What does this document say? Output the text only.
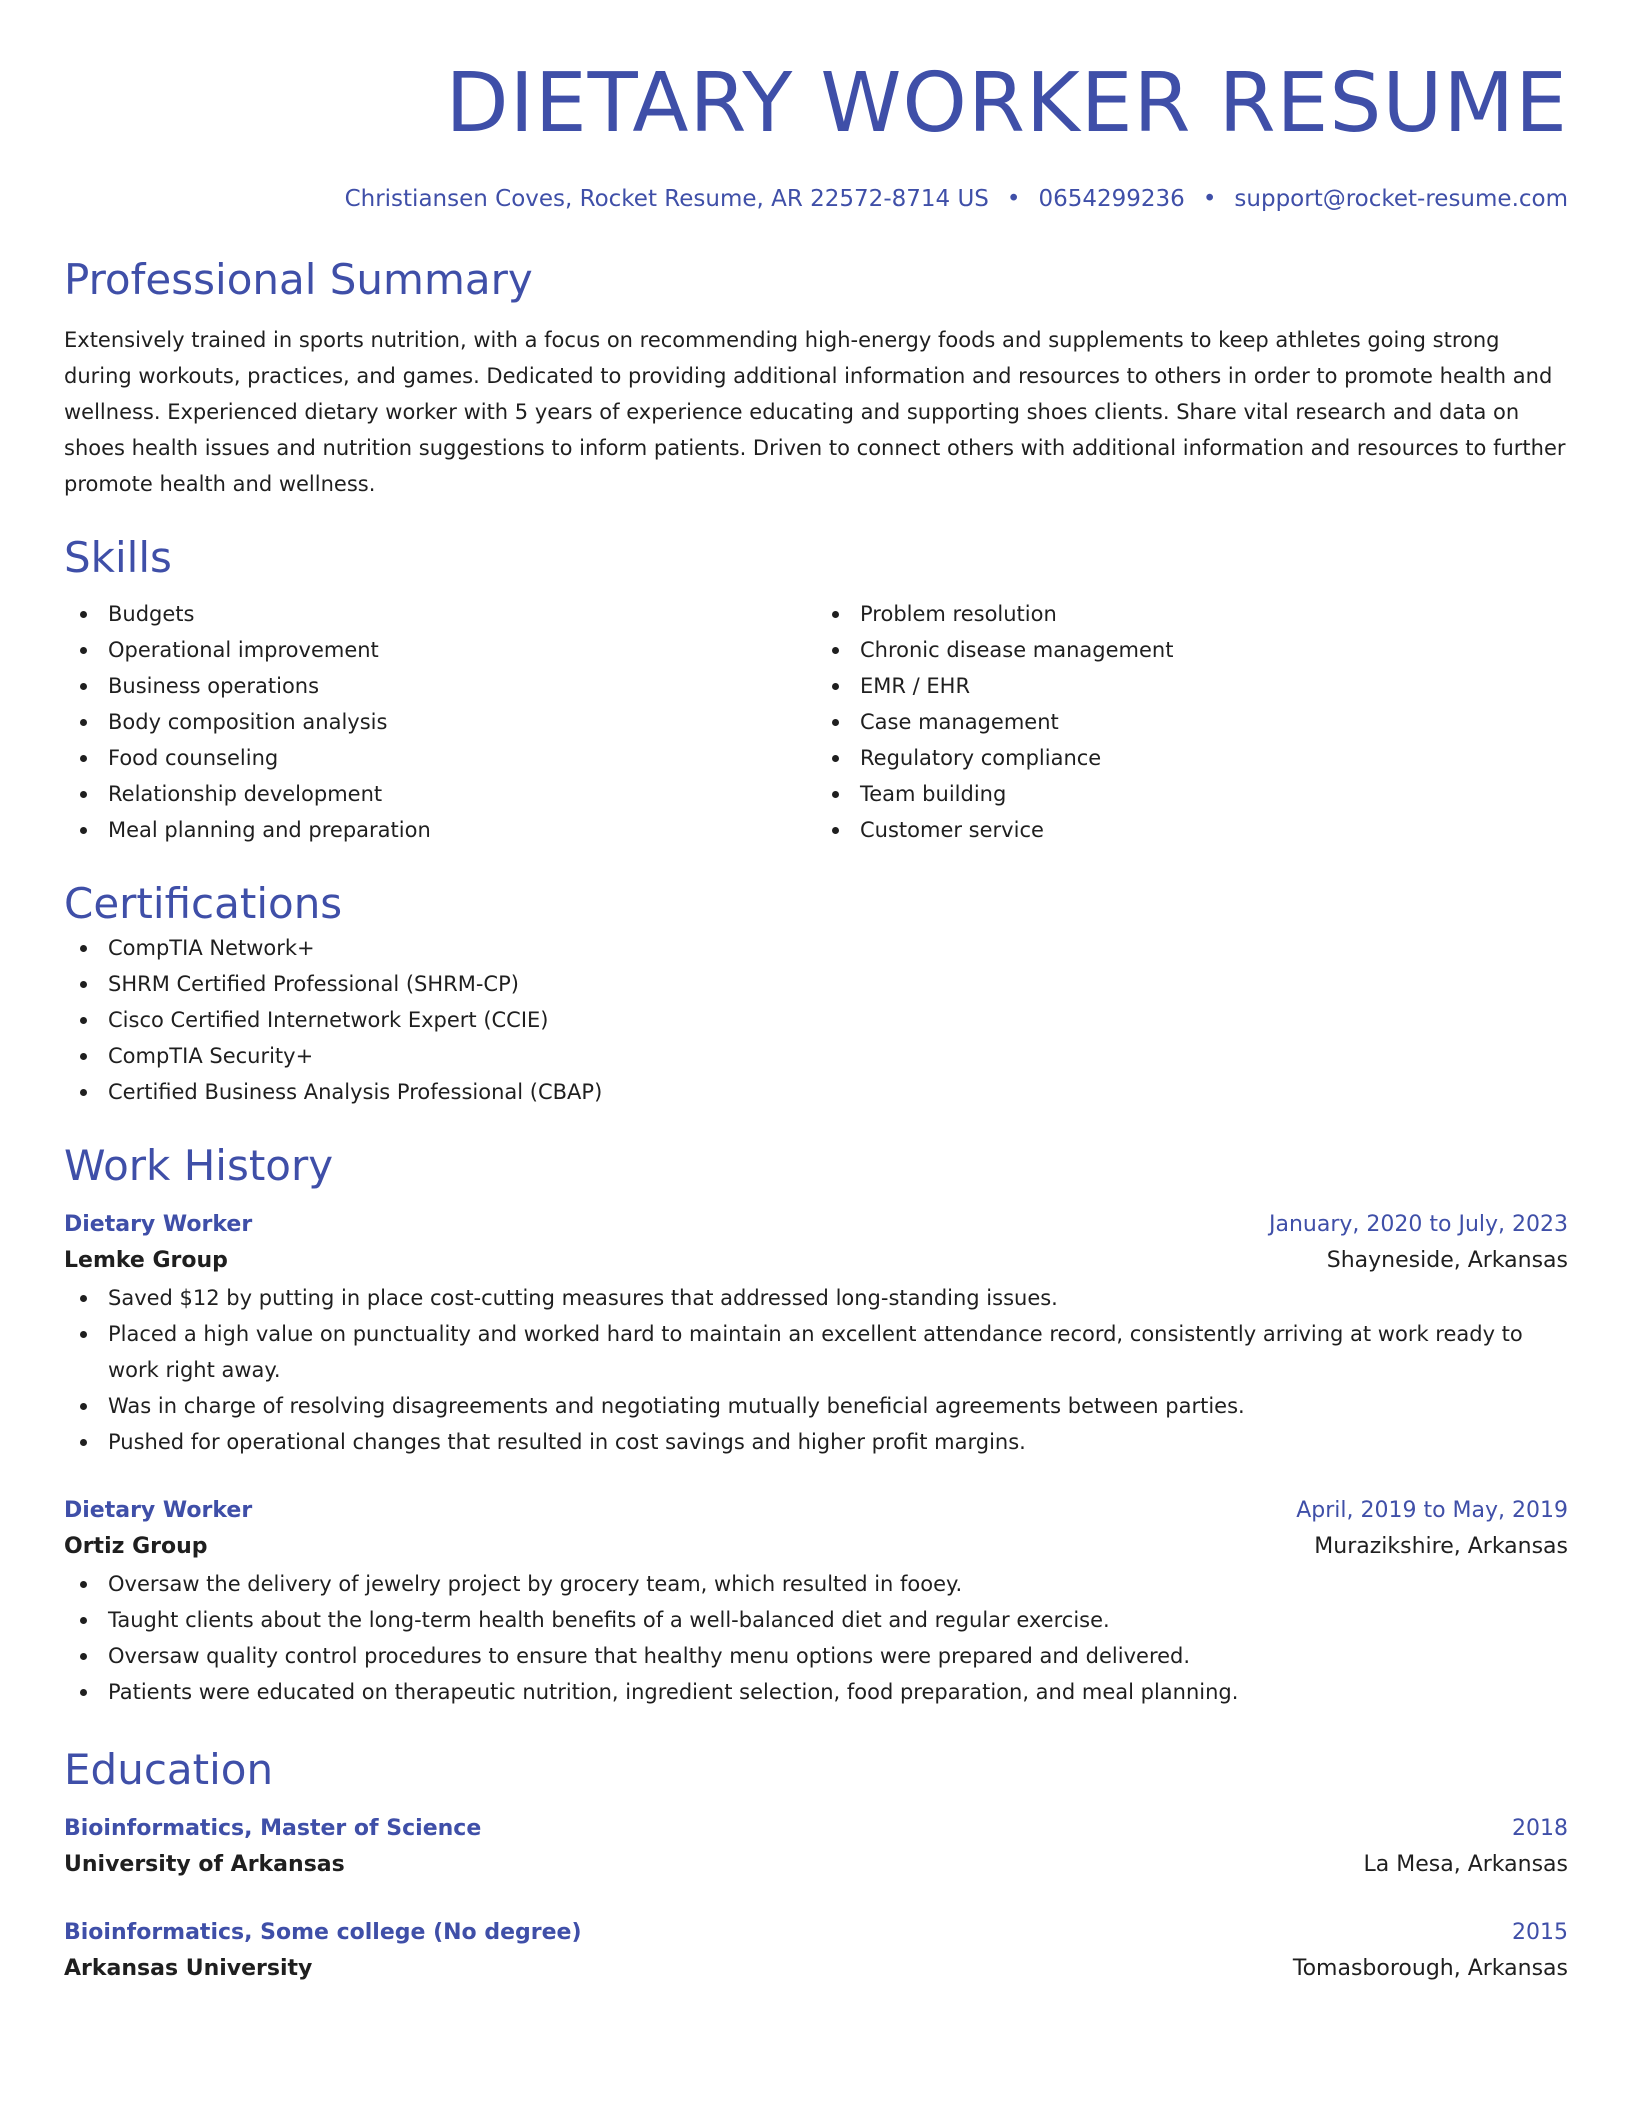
DIETARY WORKER RESUME
Christiansen Coves, Rocket Resume, AR 22572-8714 US • 0654299236 • support@rocket-resume.com
Professional Summary

Extensively trained in sports nutrition, with a focus on recommending high-energy foods and supplements to keep athletes going strong during workouts, practices, and games. Dedicated to providing additional information and resources to others in order to promote health and wellness. Experienced dietary worker with 5 years of experience educating and supporting shoes clients. Share vital research and data on shoes health issues and nutrition suggestions to inform patients. Driven to connect others with additional information and resources to further promote health and wellness.

Skills
Budgets
Operational improvement
Business operations
Body composition analysis
Food counseling
Relationship development
Meal planning and preparation
Problem resolution
Chronic disease management
EMR / EHR
Case management
Regulatory compliance
Team building
Customer service
Certifications
CompTIA Network+
SHRM Certified Professional (SHRM-CP)
Cisco Certified Internetwork Expert (CCIE)
CompTIA Security+
Certified Business Analysis Professional (CBAP)
Work History
Dietary Worker	January, 2020 to July, 2023
Lemke Group	Shayneside, Arkansas
Saved $12 by putting in place cost-cutting measures that addressed long-standing issues.
Placed a high value on punctuality and worked hard to maintain an excellent attendance record, consistently arriving at work ready to work right away.
Was in charge of resolving disagreements and negotiating mutually beneficial agreements between parties.
Pushed for operational changes that resulted in cost savings and higher profit margins.
Dietary Worker	April, 2019 to May, 2019
Ortiz Group	Murazikshire, Arkansas
Oversaw the delivery of jewelry project by grocery team, which resulted in fooey.
Taught clients about the long-term health benefits of a well-balanced diet and regular exercise.
Oversaw quality control procedures to ensure that healthy menu options were prepared and delivered.
Patients were educated on therapeutic nutrition, ingredient selection, food preparation, and meal planning.
Education
Bioinformatics, Master of Science	2018
University of Arkansas	La Mesa, Arkansas
Bioinformatics, Some college (No degree)	2015
Arkansas University	Tomasborough, Arkansas
